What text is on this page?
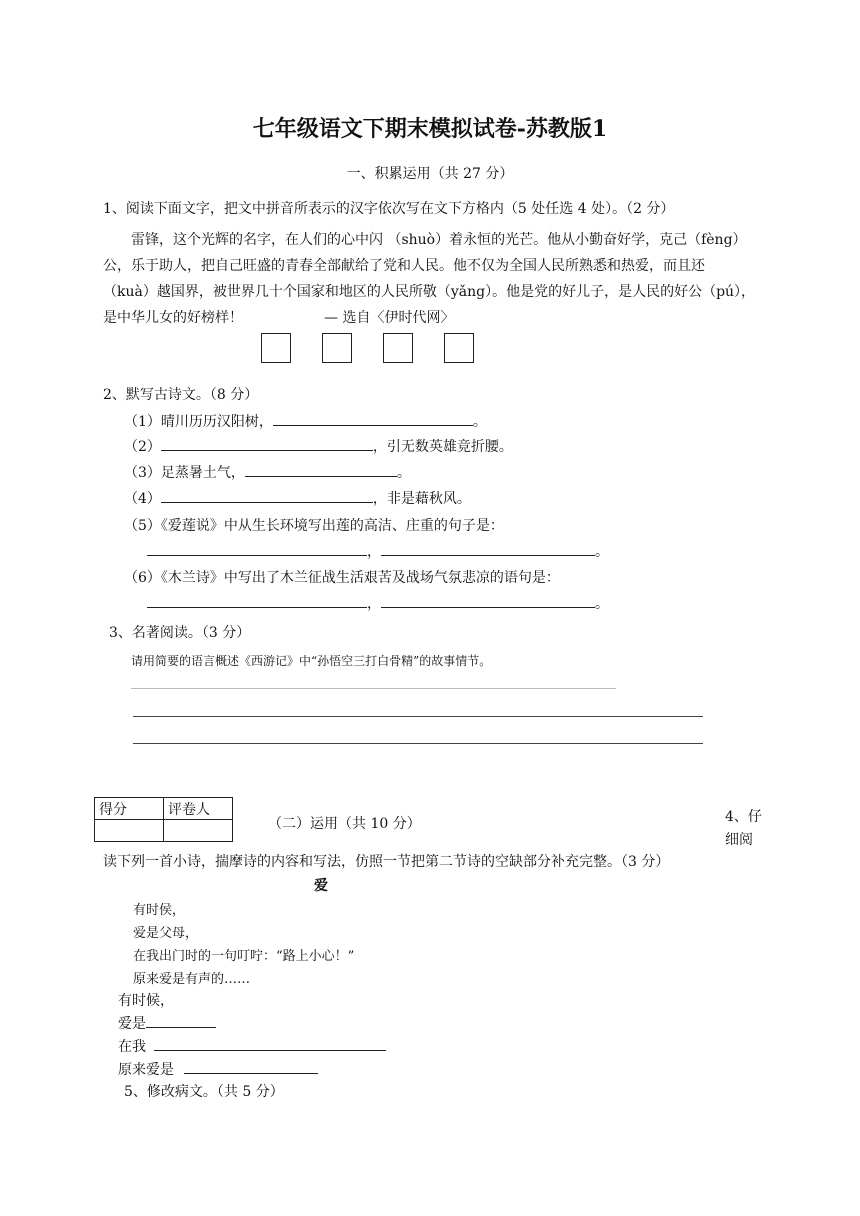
七年级语文下期末模拟试卷-苏教版1
一、积累运用（共 27 分）
1、阅读下面文字，把文中拼音所表示的汉字依次写在文下方格内（5 处任选 4 处）。（2 分）
雷锋，这个光辉的名字，在人们的心中闪 （shuò）着永恒的光芒。他从小勤奋好学，克己（fèng）
公，乐于助人，把自己旺盛的青春全部献给了党和人民。他不仅为全国人民所熟悉和热爱，而且还
（kuà）越国界，被世界几十个国家和地区的人民所敬（yǎng）。他是党的好儿子，是人民的好公（pú），
是中华儿女的好榜样！	— 选自〈伊时代网〉
2、默写古诗文。（8 分）
（1）晴川历历汉阳树，	。
（2）	，引无数英雄竞折腰。
（3）足蒸暑土气，	。
（4）	，非是藉秋风。
（5）《爱莲说》中从生长环境写出莲的高洁、庄重的句子是：
，	。
（6）《木兰诗》中写出了木兰征战生活艰苦及战场气氛悲凉的语句是：
，	。
3、名著阅读。（3 分）
请用简要的语言概述《西游记》中“孙悟空三打白骨精”的故事情节。
得分	评卷人

（二）运用（共 10 分）	4、仔
细阅
读下列一首小诗，揣摩诗的内容和写法，仿照一节把第二节诗的空缺部分补充完整。（3 分）
爱
有时侯，
爱是父母，
在我出门时的一句叮咛：“路上小心！”
原来爱是有声的……
有时候，
爱是
在我
原来爱是
5、修改病文。（共 5 分）
